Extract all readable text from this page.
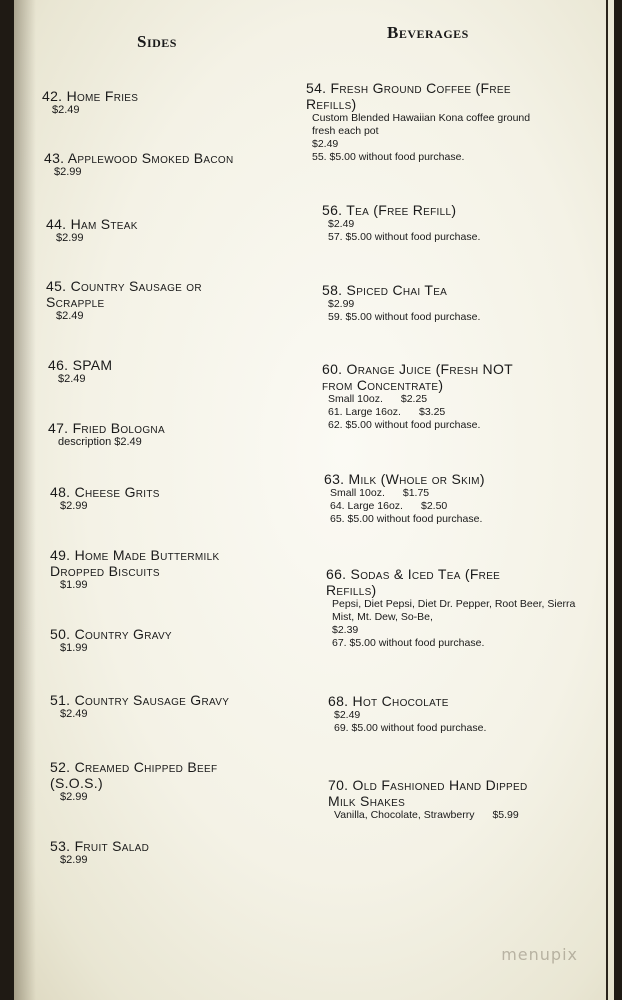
Sides	Beverages
42. Home Fries
$2.49
43. Applewood Smoked Bacon
$2.99
44. Ham Steak
$2.99
45. Country Sausage or
Scrapple
$2.49
46. SPAM
$2.49
47. Fried Bologna
description $2.49
48. Cheese Grits
$2.99
49. Home Made Buttermilk
Dropped Biscuits
$1.99
50. Country Gravy
$1.99
51. Country Sausage Gravy
$2.49
52. Creamed Chipped Beef
(S.O.S.)
$2.99
53. Fruit Salad
$2.99
54. Fresh Ground Coffee (Free
Refills)
Custom Blended Hawaiian Kona coffee ground
fresh each pot
$2.49
55. $5.00 without food purchase.
56. Tea (Free Refill)
$2.49
57. $5.00 without food purchase.
58. Spiced Chai Tea
$2.99
59. $5.00 without food purchase.
60. Orange Juice (Fresh NOT
from Concentrate)
Small 10oz. $2.25
61. Large 16oz. $3.25
62. $5.00 without food purchase.
63. Milk (Whole or Skim)
Small 10oz. $1.75
64. Large 16oz. $2.50
65. $5.00 without food purchase.
66. Sodas & Iced Tea (Free
Refills)
Pepsi, Diet Pepsi, Diet Dr. Pepper, Root Beer, Sierra
Mist, Mt. Dew, So-Be,
$2.39
67. $5.00 without food purchase.
68. Hot Chocolate
$2.49
69. $5.00 without food purchase.
70. Old Fashioned Hand Dipped
Milk Shakes
Vanilla, Chocolate, Strawberry $5.99
menupix
